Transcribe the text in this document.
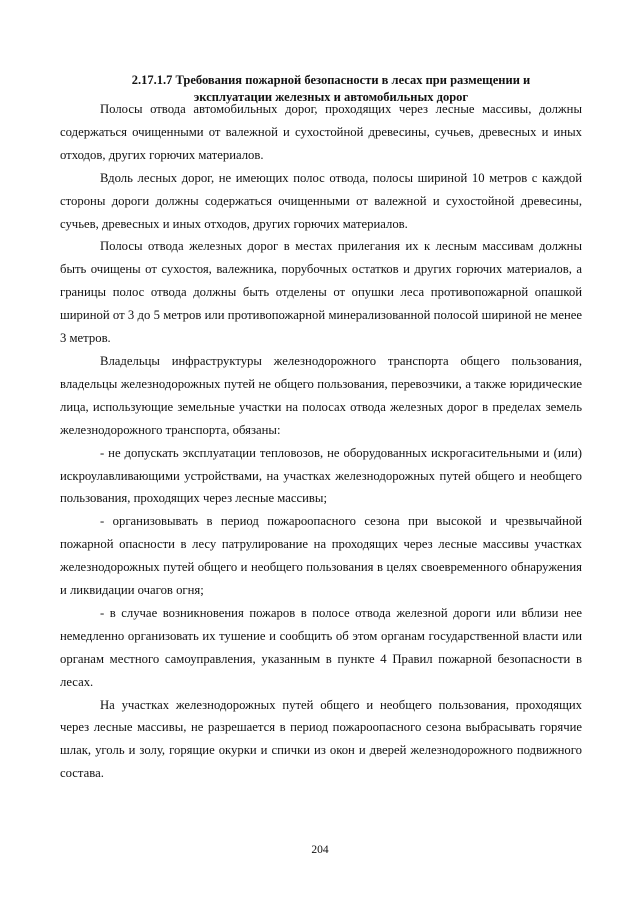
2.17.1.7 Требования пожарной безопасности в лесах при размещении и эксплуатации железных и автомобильных дорог

Полосы отвода автомобильных дорог, проходящих через лесные массивы, должны содержаться очищенными от валежной и сухостойной древесины, сучьев, древесных и иных отходов, других горючих материалов.

Вдоль лесных дорог, не имеющих полос отвода, полосы шириной 10 метров с каждой стороны дороги должны содержаться очищенными от валежной и сухостойной древесины, сучьев, древесных и иных отходов, других горючих материалов.

Полосы отвода железных дорог в местах прилегания их к лесным массивам должны быть очищены от сухостоя, валежника, порубочных остатков и других горючих материалов, а границы полос отвода должны быть отделены от опушки леса противопожарной опашкой шириной от 3 до 5 метров или противопожарной минерализованной полосой шириной не менее 3 метров.

Владельцы инфраструктуры железнодорожного транспорта общего пользования, владельцы железнодорожных путей не общего пользования, перевозчики, а также юридические лица, использующие земельные участки на полосах отвода железных дорог в пределах земель железнодорожного транспорта, обязаны:

- не допускать эксплуатации тепловозов, не оборудованных искрогасительными и (или) искроулавливающими устройствами, на участках железнодорожных путей общего и необщего пользования, проходящих через лесные массивы;

- организовывать в период пожароопасного сезона при высокой и чрезвычайной пожарной опасности в лесу патрулирование на проходящих через лесные массивы участках железнодорожных путей общего и необщего пользования в целях своевременного обнаружения и ликвидации очагов огня;

- в случае возникновения пожаров в полосе отвода железной дороги или вблизи нее немедленно организовать их тушение и сообщить об этом органам государственной власти или органам местного самоуправления, указанным в пункте 4 Правил пожарной безопасности в лесах.

На участках железнодорожных путей общего и необщего пользования, проходящих через лесные массивы, не разрешается в период пожароопасного сезона выбрасывать горячие шлак, уголь и золу, горящие окурки и спички из окон и дверей железнодорожного подвижного состава.

204
